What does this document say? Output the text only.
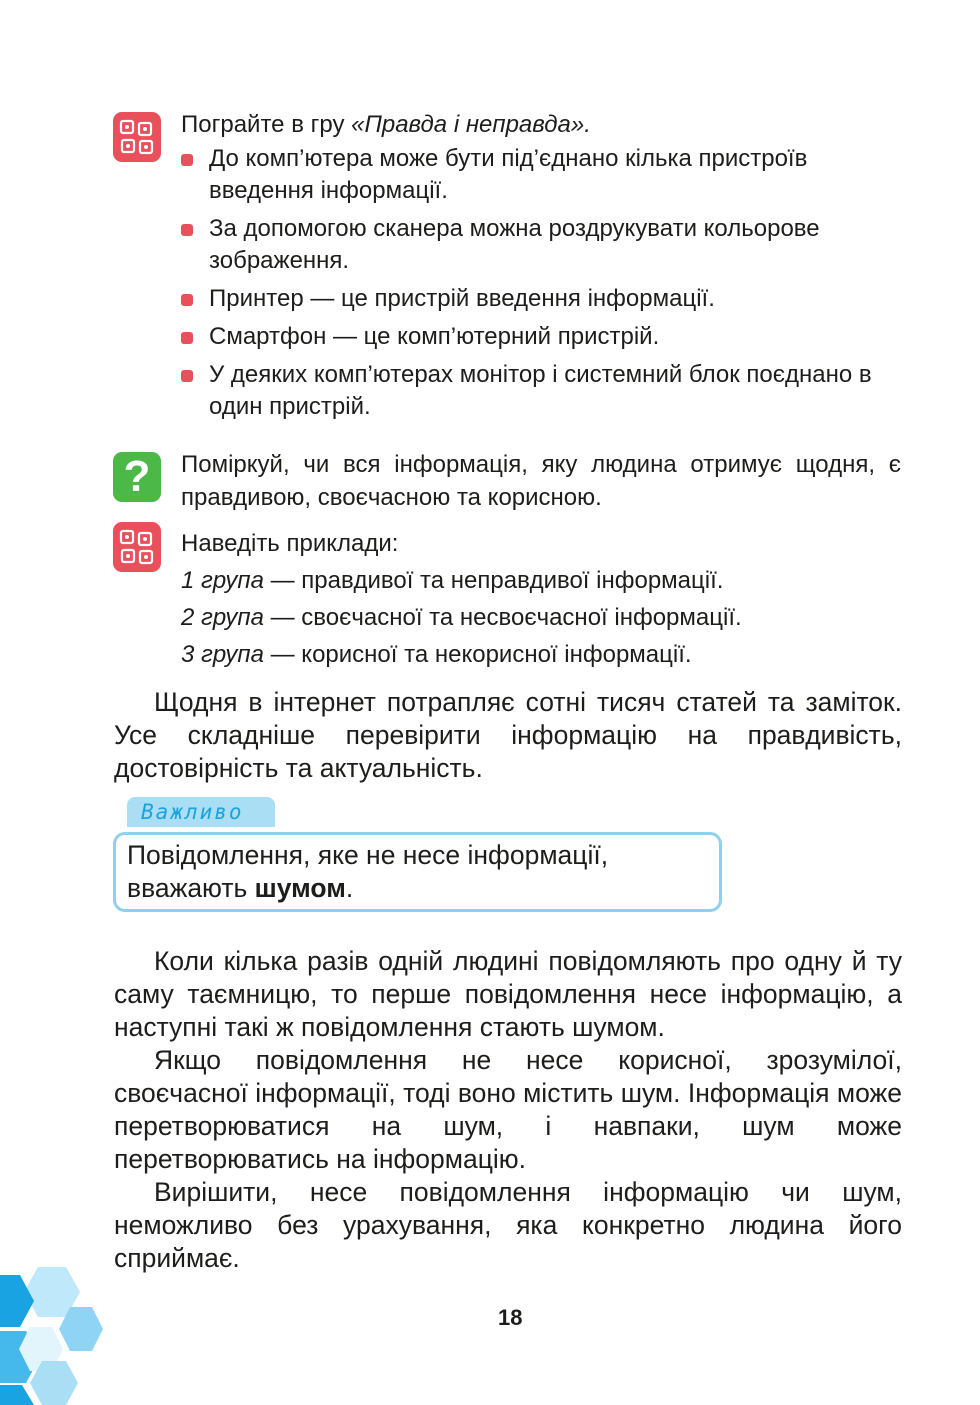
Пограйте в гру «Правда і неправда».

До комп’ютера може бути під’єднано кілька пристроїв введення інформації.
За допомогою сканера можна роздрукувати кольорове зображення.
Принтер — це пристрій введення інформації.
Смартфон — це комп’ютерний пристрій.
У деяких комп’ютерах монітор і системний блок поєднано в один пристрій.
?	Поміркуй, чи вся інформація, яку людина отримує щодня, є правдивою, своєчасною та корисною.

Наведіть приклади:

1 група — правдивої та неправдивої інформації.

2 група — своєчасної та несвоєчасної інформації.

3 група — корисної та некорисної інформації.

Щодня в інтернет потрапляє сотні тисяч статей та заміток. Усе складніше перевірити інформацію на правдивість, достовірність та актуальність.

Важливо

Повідомлення, яке не несе інформації, вважають шумом.

Коли кілька разів одній людині повідомляють про одну й ту саму таємницю, то перше повідомлення несе інформацію, а наступні такі ж повідомлення стають шумом.

Якщо повідомлення не несе корисної, зрозумілої, своєчасної інформації, тоді воно містить шум. Інформація може перетворюватися на шум, і навпаки, шум може перетворюватись на інформацію.

Вирішити, несе повідомлення інформацію чи шум, неможливо без урахування, яка конкретно людина його сприймає.

18
